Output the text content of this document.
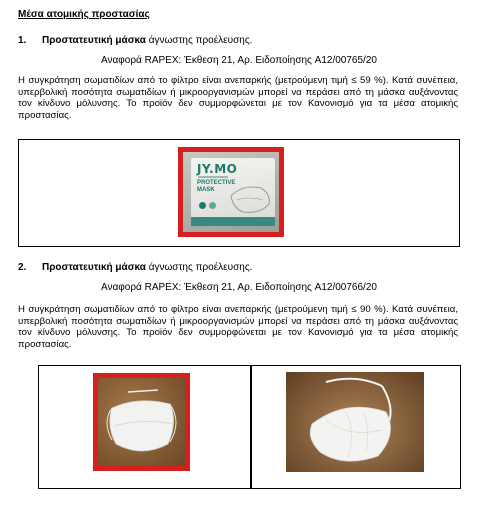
Μέσα ατομικής προστασίας
1. Προστατευτική μάσκα άγνωστης προέλευσης.
Αναφορά RAPEX: Έκθεση 21, Αρ. Ειδοποίησης A12/00765/20
Η συγκράτηση σωματιδίων από το φίλτρο είναι ανεπαρκής (μετρούμενη τιμή ≤ 59 %). Κατά συνέπεια, υπερβολική ποσότητα σωματιδίων ή μικροοργανισμών μπορεί να περάσει από τη μάσκα αυξάνοντας τον κίνδυνο μόλυνσης. Το προϊόν δεν συμμορφώνεται με τον Κανονισμό για τα μέσα ατομικής προστασίας.
JY.MO
PROTECTIVE
MASK
2. Προστατευτική μάσκα άγνωστης προέλευσης.
Αναφορά RAPEX: Έκθεση 21, Αρ. Ειδοποίησης A12/00766/20
Η συγκράτηση σωματιδίων από το φίλτρο είναι ανεπαρκής (μετρούμενη τιμή ≤ 90 %). Κατά συνέπεια, υπερβολική ποσότητα σωματιδίων ή μικροοργανισμών μπορεί να περάσει από τη μάσκα αυξάνοντας τον κίνδυνο μόλυνσης. Το προϊόν δεν συμμορφώνεται με τον Κανονισμό για τα μέσα ατομικής προστασίας.
